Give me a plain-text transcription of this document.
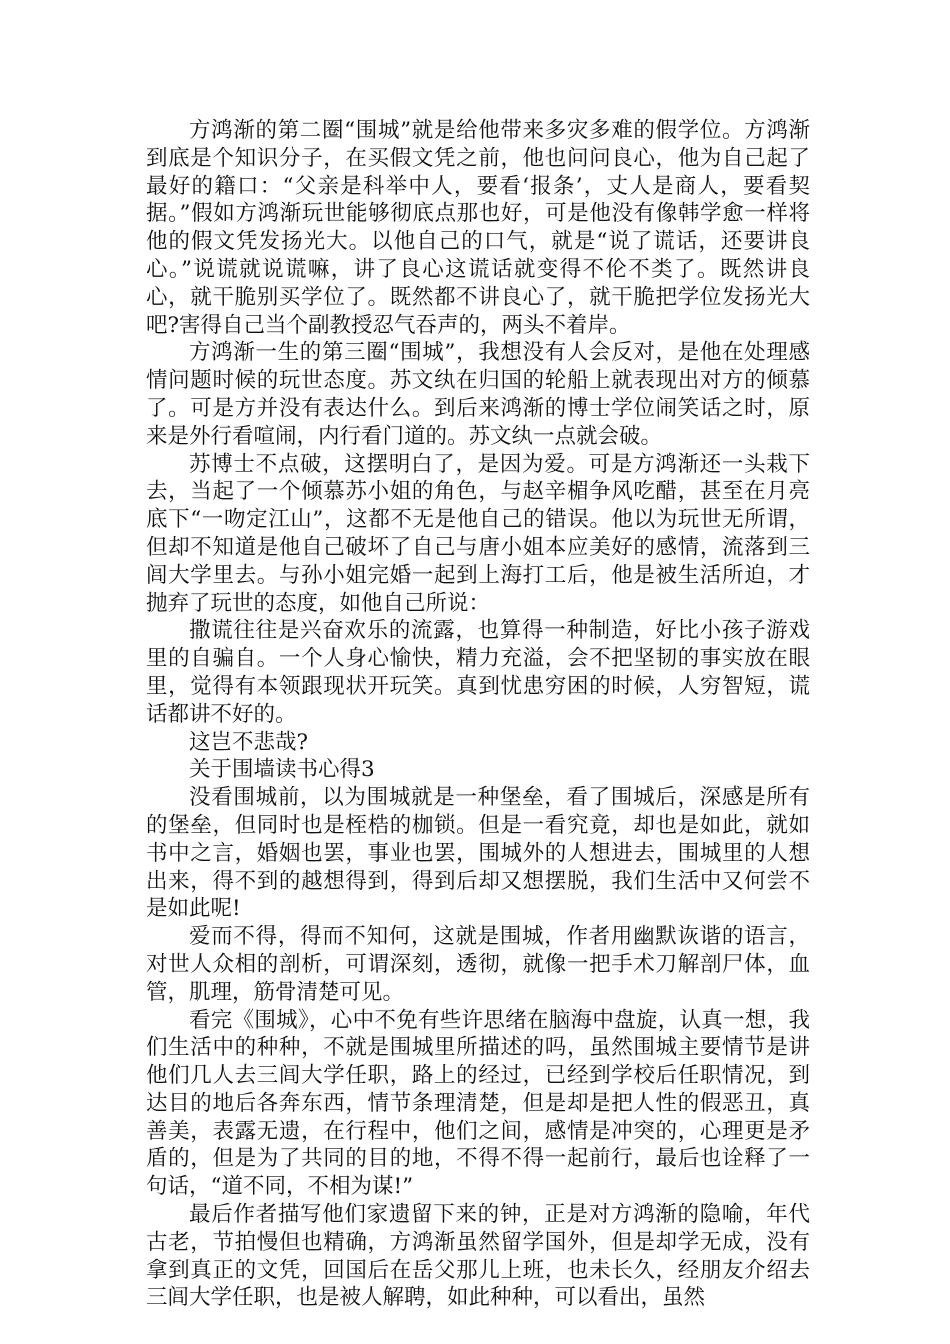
方鸿渐的第二圈“围城”就是给他带来多灾多难的假学位。方鸿渐到底是个知识分子，在买假文凭之前，他也问问良心，他为自己起了最好的籍口：“父亲是科举中人，要看‘报条’，丈人是商人，要看契据。”假如方鸿渐玩世能够彻底点那也好，可是他没有像韩学愈一样将他的假文凭发扬光大。以他自己的口气，就是“说了谎话，还要讲良心。”说谎就说谎嘛，讲了良心这谎话就变得不伦不类了。既然讲良心，就干脆别买学位了。既然都不讲良心了，就干脆把学位发扬光大吧?害得自己当个副教授忍气吞声的，两头不着岸。

方鸿渐一生的第三圈“围城”，我想没有人会反对，是他在处理感情问题时候的玩世态度。苏文纨在归国的轮船上就表现出对方的倾慕了。可是方并没有表达什么。到后来鸿渐的博士学位闹笑话之时，原来是外行看喧闹，内行看门道的。苏文纨一点就会破。

苏博士不点破，这摆明白了，是因为爱。可是方鸿渐还一头栽下去，当起了一个倾慕苏小姐的角色，与赵辛楣争风吃醋，甚至在月亮底下“一吻定江山”，这都不无是他自己的错误。他以为玩世无所谓，但却不知道是他自己破坏了自己与唐小姐本应美好的感情，流落到三闾大学里去。与孙小姐完婚一起到上海打工后，他是被生活所迫，才抛弃了玩世的态度，如他自己所说：

撒谎往往是兴奋欢乐的流露，也算得一种制造，好比小孩子游戏里的自骗自。一个人身心愉快，精力充溢，会不把坚韧的事实放在眼里，觉得有本领跟现状开玩笑。真到忧患穷困的时候，人穷智短，谎话都讲不好的。

这岂不悲哉?

关于围墙读书心得3

没看围城前，以为围城就是一种堡垒，看了围城后，深感是所有的堡垒，但同时也是桎梏的枷锁。但是一看究竟，却也是如此，就如书中之言，婚姻也罢，事业也罢，围城外的人想进去，围城里的人想出来，得不到的越想得到，得到后却又想摆脱，我们生活中又何尝不是如此呢!

爱而不得，得而不知何，这就是围城，作者用幽默诙谐的语言，对世人众相的剖析，可谓深刻，透彻，就像一把手术刀解剖尸体，血管，肌理，筋骨清楚可见。

看完《围城》，心中不免有些许思绪在脑海中盘旋，认真一想，我们生活中的种种，不就是围城里所描述的吗，虽然围城主要情节是讲他们几人去三闾大学任职，路上的经过，已经到学校后任职情况，到达目的地后各奔东西，情节条理清楚，但是却是把人性的假恶丑，真善美，表露无遗，在行程中，他们之间，感情是冲突的，心理更是矛盾的，但是为了共同的目的地，不得不得一起前行，最后也诠释了一句话，“道不同，不相为谋!”

最后作者描写他们家遗留下来的钟，正是对方鸿渐的隐喻，年代古老，节拍慢但也精确，方鸿渐虽然留学国外，但是却学无成，没有拿到真正的文凭，回国后在岳父那儿上班，也未长久，经朋友介绍去三闾大学任职，也是被人解聘，如此种种，可以看出，虽然
